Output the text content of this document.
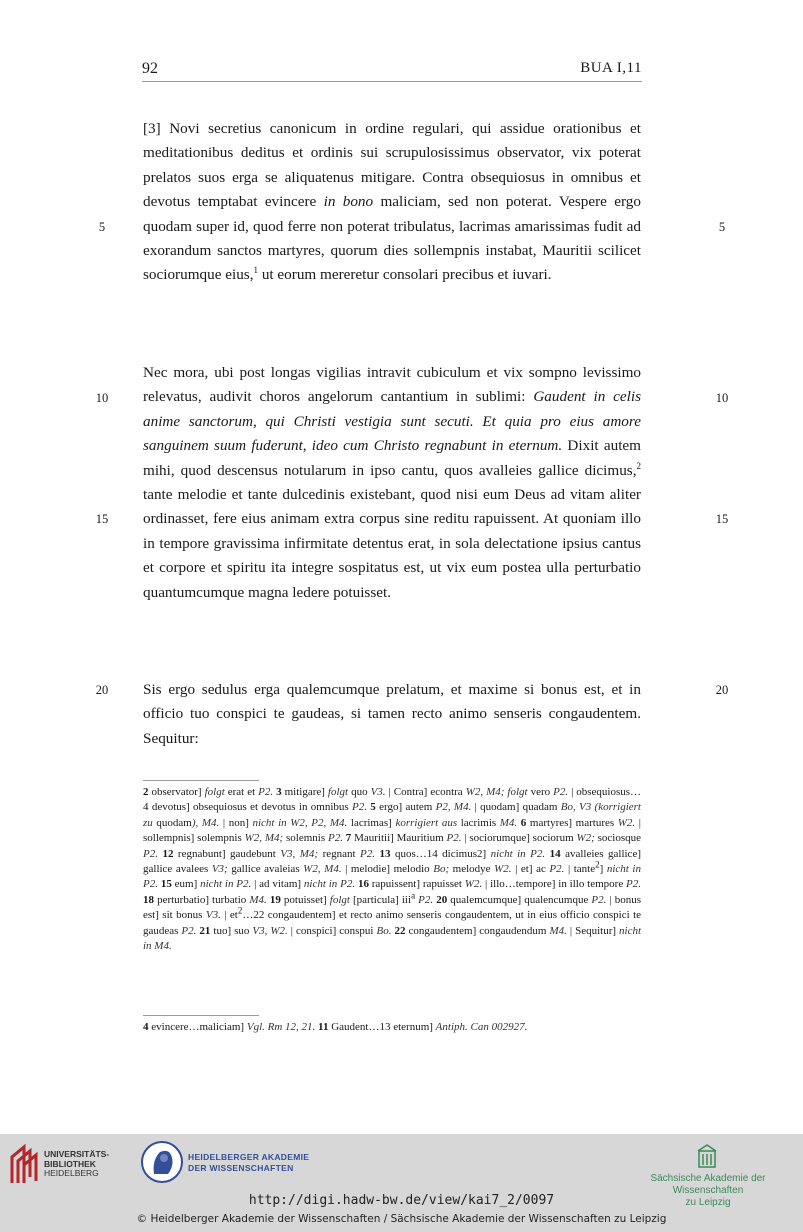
92	BUA I,11

[3] Novi secretius canonicum in ordine regulari, qui assidue orationibus et meditationibus deditus et ordinis sui scrupulosissimus observator, vix poterat prelatos suos erga se aliquatenus mitigare. Contra obsequiosus in omnibus et devotus temptabat evincere in bono maliciam, sed non poterat. Vespere ergo quodam super id, quod ferre non poterat tribulatus, lacrimas amarissimas fudit ad exorandum sanctos martyres, quorum dies sollempnis instabat, Mauritii scilicet sociorumque eius,$^1$ ut eorum mereretur consolari precibus et iuvari.

Nec mora, ubi post longas vigilias intravit cubiculum et vix sompno levissimo relevatus, audivit choros angelorum cantantium in sublimi: Gaudent in celis anime sanctorum, qui Christi vestigia sunt secuti. Et quia pro eius amore sanguinem suum fuderunt, ideo cum Christo regnabunt in eternum. Dixit autem mihi, quod descensus notularum in ipso cantu, quos avalleies gallice dicimus,$^2$ tante melodie et tante dulcedinis existebant, quod nisi eum Deus ad vitam aliter ordinasset, fere eius animam extra corpus sine reditu rapuissent. At quoniam illo in tempore gravissima infirmitate detentus erat, in sola delectatione ipsius cantus et corpore et spiritu ita integre sospitatus est, ut vix eum postea ulla perturbatio quantumcumque magna ledere potuisset.

Sis ergo sedulus erga qualemcumque prelatum, et maxime si bonus est, et in officio tuo conspici te gaudeas, si tamen recto animo senseris congaudentem. Sequitur:

5	5
10	10
15	15
20	20
2 observator] folgt erat et P2. 3 mitigare] folgt quo V3. | Contra] econtra W2, M4; folgt vero P2. | obsequiosus…4 devotus] obsequiosus et devotus in omnibus P2. 5 ergo] autem P2, M4. | quodam] quadam Bo, V3 (korrigiert zu quodam), M4. | non] nicht in W2, P2, M4. lacrimas] korrigiert aus lacrimis M4. 6 martyres] martures W2. | sollempnis] solempnis W2, M4; solemnis P2. 7 Mauritii] Mauritium P2. | sociorumque] sociorum W2; sociosque P2. 12 regnabunt] gaudebunt V3, M4; regnant P2. 13 quos…14 dicimus2] nicht in P2. 14 avalleies gallice] gallice avalees V3; gallice avaleias W2, M4. | melodie] melodio Bo; melodye W2. | et] ac P2. | tante$^2$] nicht in P2. 15 eum] nicht in P2. | ad vitam] nicht in P2. 16 rapuissent] rapuisset W2. | illo…tempore] in illo tempore P2. 18 perturbatio] turbatio M4. 19 potuisset] folgt [particula] iii$^a$ P2. 20 qualemcumque] qualencumque P2. | bonus est] sit bonus V3. | $et^2\dots 22$ congaudentem] et recto animo senseris congaudentem, ut in eius officio conspici te gaudeas P2. 21 tuo] suo V3, W2. | conspici] conspui Bo. 22 congaudentem] congaudendum M4. | Sequitur] nicht in M4.
4 evincere…maliciam] Vgl. Rm 12, 21. 11 Gaudent…13 eternum] Antiph. Can 002927.
UNIVERSITÄTS-
BIBLIOTHEK
HEIDELBERG
HEIDELBERGER AKADEMIE
DER WISSENSCHAFTEN
Sächsische Akademie der Wissenschaften
zu Leipzig
http://digi.hadw-bw.de/view/kai7_2/0097
© Heidelberger Akademie der Wissenschaften / Sächsische Akademie der Wissenschaften zu Leipzig
